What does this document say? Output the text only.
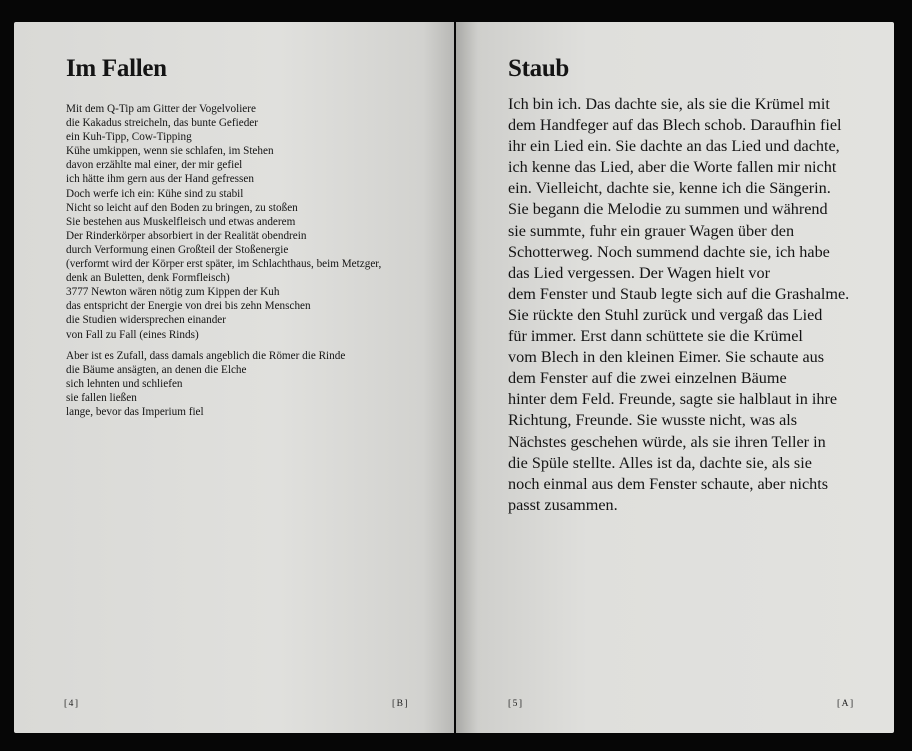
Im Fallen

Mit dem Q-Tip am Gitter der Vogelvoliere
die Kakadus streicheln, das bunte Gefieder
ein Kuh-Tipp, Cow-Tipping
Kühe umkippen, wenn sie schlafen, im Stehen
davon erzählte mal einer, der mir gefiel
ich hätte ihm gern aus der Hand gefressen
Doch werfe ich ein: Kühe sind zu stabil
Nicht so leicht auf den Boden zu bringen, zu stoßen
Sie bestehen aus Muskelfleisch und etwas anderem
Der Rinderkörper absorbiert in der Realität obendrein
durch Verformung einen Großteil der Stoßenergie
(verformt wird der Körper erst später, im Schlachthaus, beim Metzger,
denk an Buletten, denk Formfleisch)
3777 Newton wären nötig zum Kippen der Kuh
das entspricht der Energie von drei bis zehn Menschen
die Studien widersprechen einander
von Fall zu Fall (eines Rinds)

Aber ist es Zufall, dass damals angeblich die Römer die Rinde
die Bäume ansägten, an denen die Elche
sich lehnten und schliefen
sie fallen ließen
lange, bevor das Imperium fiel

[4]	[B]
Staub

Ich bin ich. Das dachte sie, als sie die Krümel mit
dem Handfeger auf das Blech schob. Daraufhin fiel
ihr ein Lied ein. Sie dachte an das Lied und dachte,
ich kenne das Lied, aber die Worte fallen mir nicht
ein. Vielleicht, dachte sie, kenne ich die Sängerin.
Sie begann die Melodie zu summen und während
sie summte, fuhr ein grauer Wagen über den
Schotterweg. Noch summend dachte sie, ich habe
das Lied vergessen. Der Wagen hielt vor
dem Fenster und Staub legte sich auf die Grashalme.
Sie rückte den Stuhl zurück und vergaß das Lied
für immer. Erst dann schüttete sie die Krümel
vom Blech in den kleinen Eimer. Sie schaute aus
dem Fenster auf die zwei einzelnen Bäume
hinter dem Feld. Freunde, sagte sie halblaut in ihre
Richtung, Freunde. Sie wusste nicht, was als
Nächstes geschehen würde, als sie ihren Teller in
die Spüle stellte. Alles ist da, dachte sie, als sie
noch einmal aus dem Fenster schaute, aber nichts
passt zusammen.

[5]	[A]
